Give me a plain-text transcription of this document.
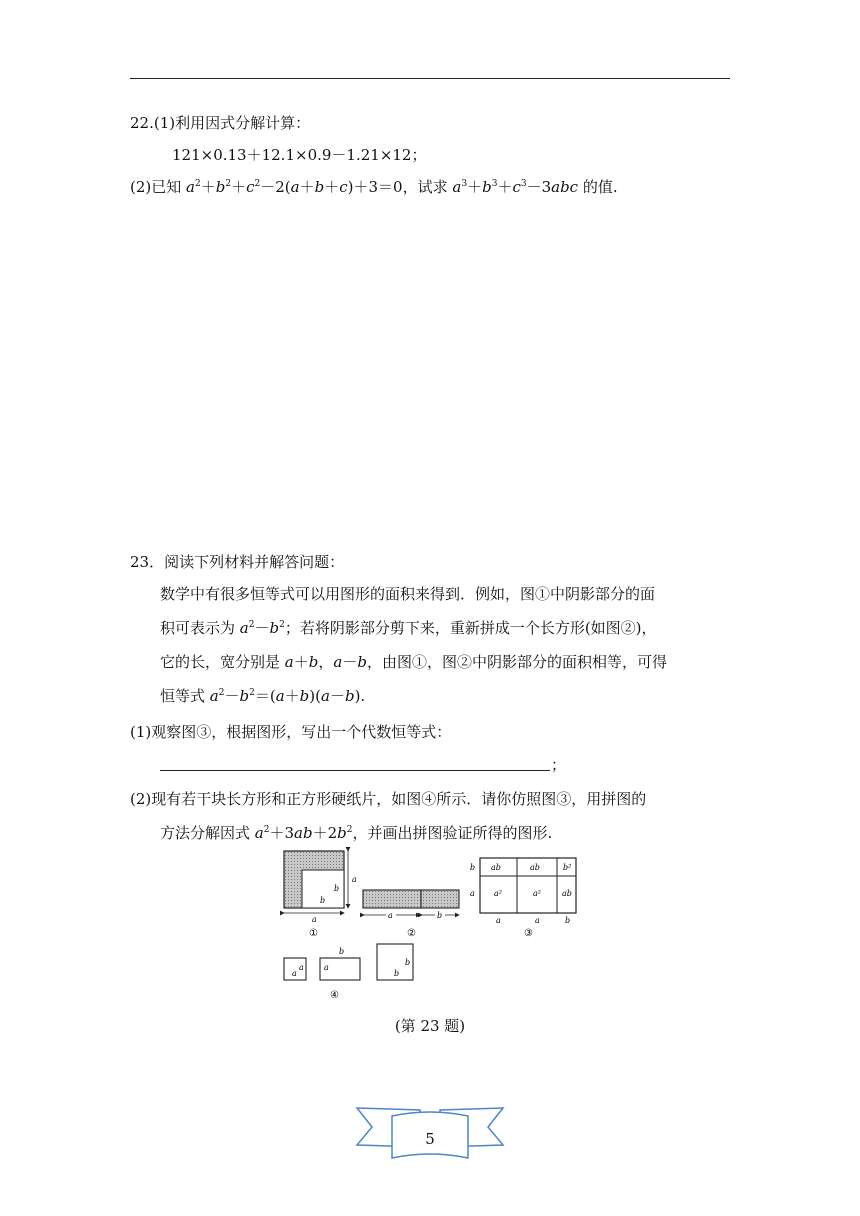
22.(1)利用因式分解计算：
121×0.13＋12.1×0.9－1.21×12；
(2)已知 $a^2+b^2+c^2-2(a+b+c)+3=0$，试求 $a^3+b^3+c^3-3abc$ 的值.
23．阅读下列材料并解答问题：
数学中有很多恒等式可以用图形的面积来得到．例如，图①中阴影部分的面
积可表示为 $a^2-b^2$；若将阴影部分剪下来，重新拼成一个长方形(如图②)，
它的长，宽分别是 a＋b，a－b，由图①，图②中阴影部分的面积相等，可得
恒等式 $a^2-b^2=(a+b)(a-b)$.
(1)观察图③，根据图形，写出一个代数恒等式：
；
(2)现有若干块长方形和正方形硬纸片，如图④所示．请你仿照图③，用拼图的
方法分解因式 $a^2+3ab+2b^2$，并画出拼图验证所得的图形.
a
b
b
a
①
a	b
②
ab	ab	b²
a²	a²	ab
b
a
a	a	b
③
a
a
b
a
b
b
④
(第 23 题)
5
